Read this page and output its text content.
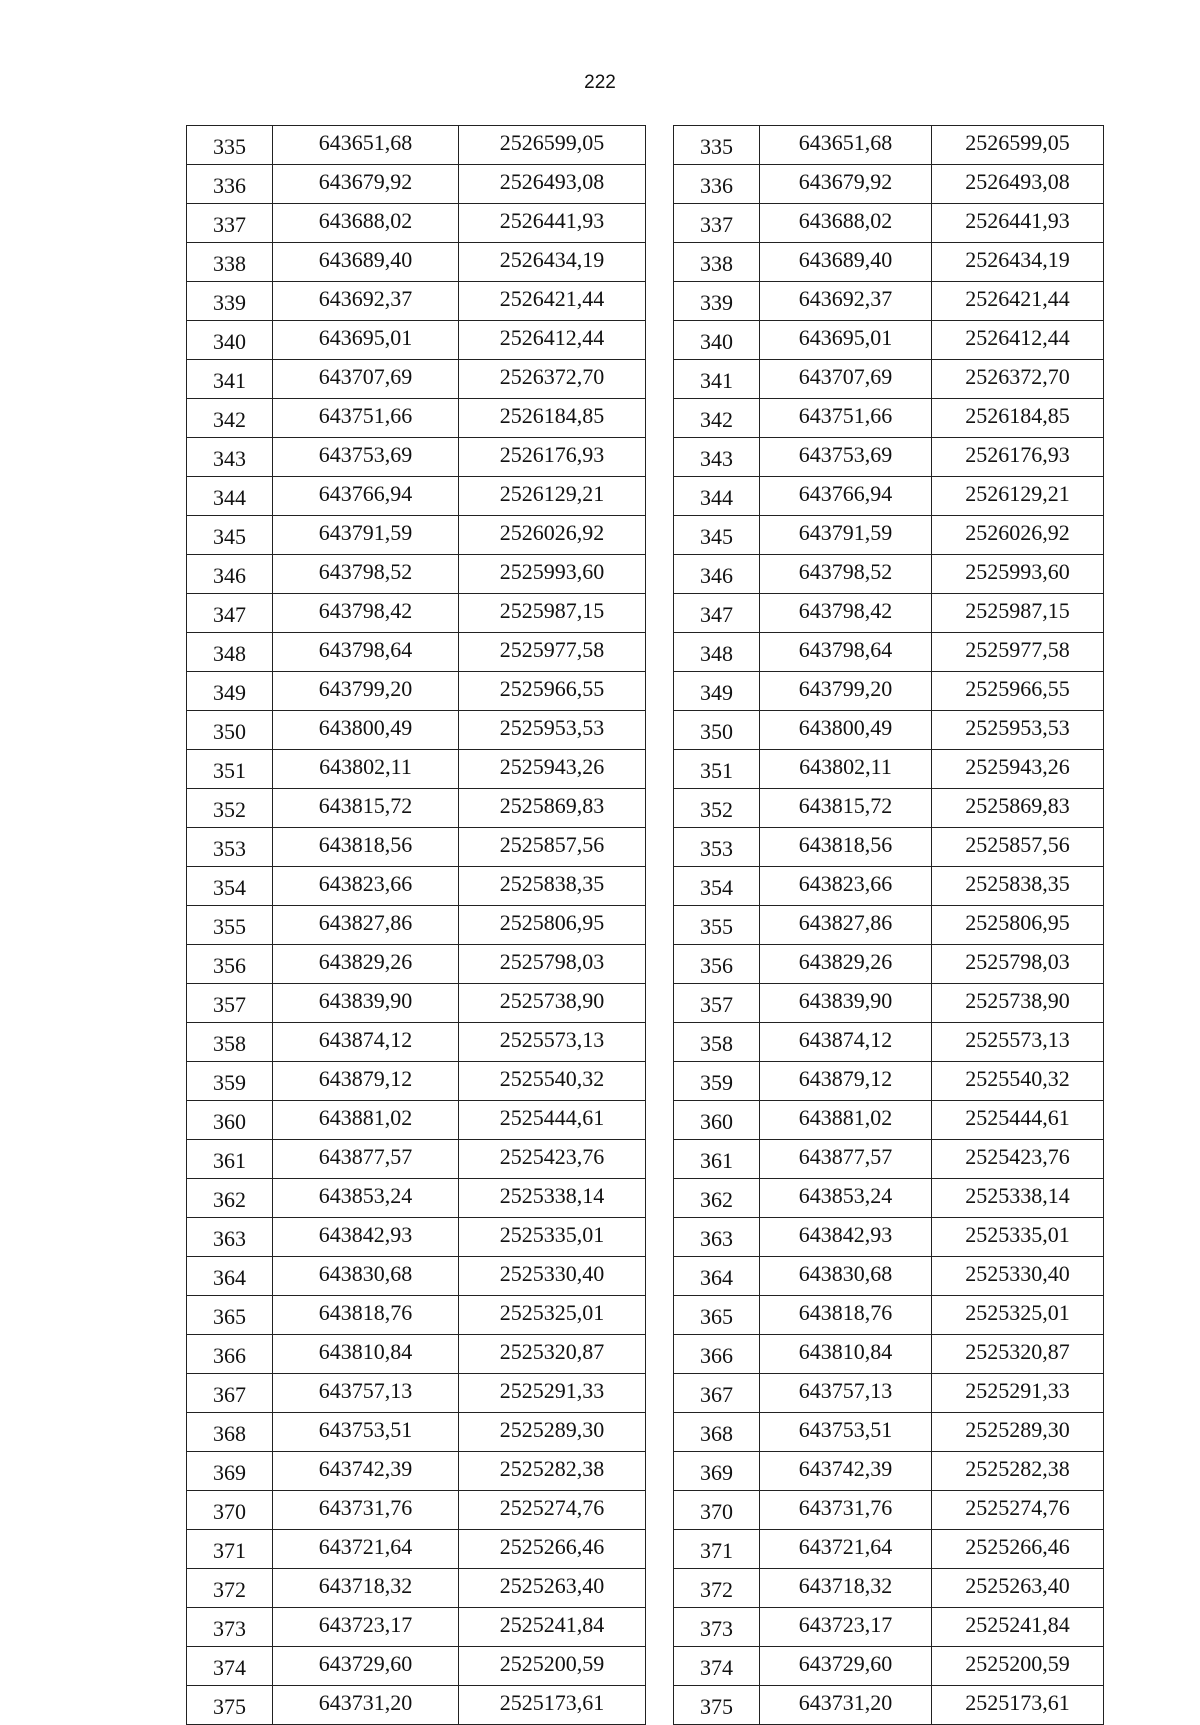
222
335	643651,68	2526599,05
336	643679,92	2526493,08
337	643688,02	2526441,93
338	643689,40	2526434,19
339	643692,37	2526421,44
340	643695,01	2526412,44
341	643707,69	2526372,70
342	643751,66	2526184,85
343	643753,69	2526176,93
344	643766,94	2526129,21
345	643791,59	2526026,92
346	643798,52	2525993,60
347	643798,42	2525987,15
348	643798,64	2525977,58
349	643799,20	2525966,55
350	643800,49	2525953,53
351	643802,11	2525943,26
352	643815,72	2525869,83
353	643818,56	2525857,56
354	643823,66	2525838,35
355	643827,86	2525806,95
356	643829,26	2525798,03
357	643839,90	2525738,90
358	643874,12	2525573,13
359	643879,12	2525540,32
360	643881,02	2525444,61
361	643877,57	2525423,76
362	643853,24	2525338,14
363	643842,93	2525335,01
364	643830,68	2525330,40
365	643818,76	2525325,01
366	643810,84	2525320,87
367	643757,13	2525291,33
368	643753,51	2525289,30
369	643742,39	2525282,38
370	643731,76	2525274,76
371	643721,64	2525266,46
372	643718,32	2525263,40
373	643723,17	2525241,84
374	643729,60	2525200,59
375	643731,20	2525173,61
335	643651,68	2526599,05
336	643679,92	2526493,08
337	643688,02	2526441,93
338	643689,40	2526434,19
339	643692,37	2526421,44
340	643695,01	2526412,44
341	643707,69	2526372,70
342	643751,66	2526184,85
343	643753,69	2526176,93
344	643766,94	2526129,21
345	643791,59	2526026,92
346	643798,52	2525993,60
347	643798,42	2525987,15
348	643798,64	2525977,58
349	643799,20	2525966,55
350	643800,49	2525953,53
351	643802,11	2525943,26
352	643815,72	2525869,83
353	643818,56	2525857,56
354	643823,66	2525838,35
355	643827,86	2525806,95
356	643829,26	2525798,03
357	643839,90	2525738,90
358	643874,12	2525573,13
359	643879,12	2525540,32
360	643881,02	2525444,61
361	643877,57	2525423,76
362	643853,24	2525338,14
363	643842,93	2525335,01
364	643830,68	2525330,40
365	643818,76	2525325,01
366	643810,84	2525320,87
367	643757,13	2525291,33
368	643753,51	2525289,30
369	643742,39	2525282,38
370	643731,76	2525274,76
371	643721,64	2525266,46
372	643718,32	2525263,40
373	643723,17	2525241,84
374	643729,60	2525200,59
375	643731,20	2525173,61
